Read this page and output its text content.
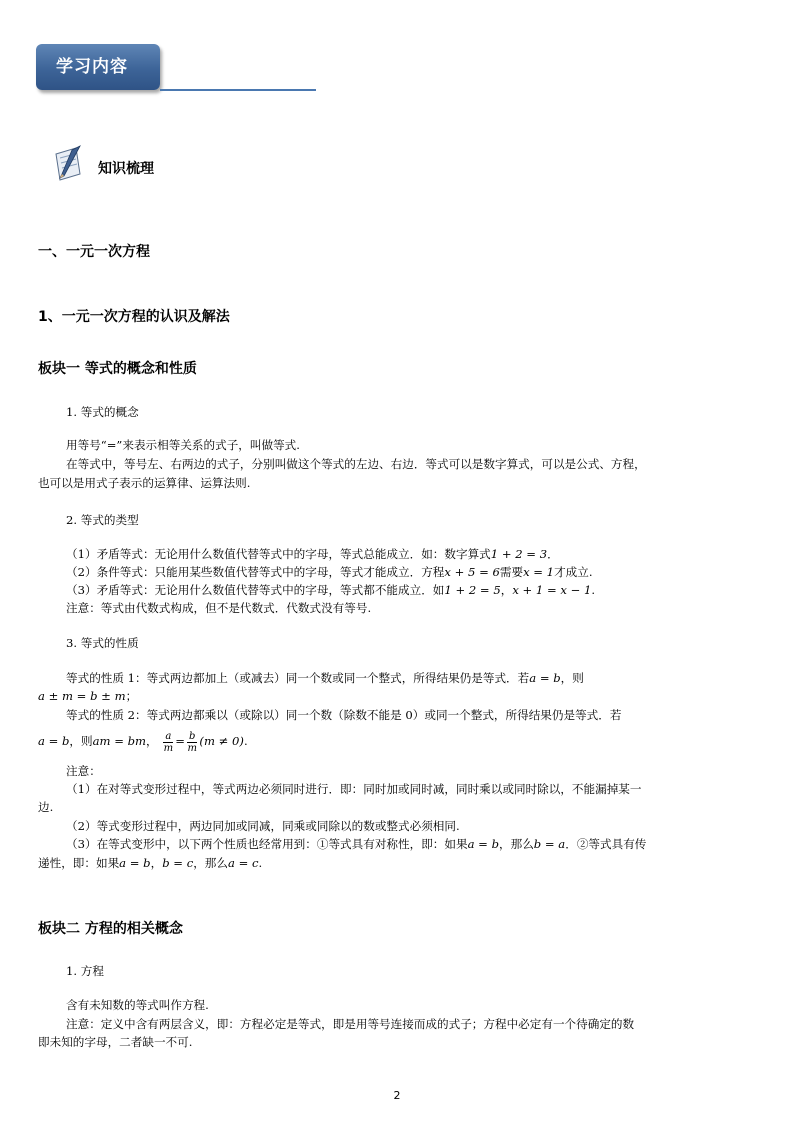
学习内容
知识梳理
一、一元一次方程
1、一元一次方程的认识及解法
板块一 等式的概念和性质
1. 等式的概念
用等号“=”来表示相等关系的式子，叫做等式.
在等式中，等号左、右两边的式子，分别叫做这个等式的左边、右边．等式可以是数字算式，可以是公式、方程，
也可以是用式子表示的运算律、运算法则.
2. 等式的类型
（1）矛盾等式：无论用什么数值代替等式中的字母，等式总能成立．如：数字算式1 + 2 = 3．
（2）条件等式：只能用某些数值代替等式中的字母，等式才能成立．方程x + 5 = 6需要x = 1才成立.
（3）矛盾等式：无论用什么数值代替等式中的字母，等式都不能成立．如1 + 2 = 5，x + 1 = x − 1.
注意：等式由代数式构成，但不是代数式．代数式没有等号.
3. 等式的性质
等式的性质 1：等式两边都加上（或减去）同一个数或同一个整式，所得结果仍是等式．若a = b，则
a ± m = b ± m；
等式的性质 2：等式两边都乘以（或除以）同一个数（除数不能是 0）或同一个整式，所得结果仍是等式．若
a = b，则am = bm， $\frac{a}{m} = \frac{b}{m} (m \ne 0)$.
注意：
（1）在对等式变形过程中，等式两边必须同时进行．即：同时加或同时减，同时乘以或同时除以，不能漏掉某一
边.
（2）等式变形过程中，两边同加或同减，同乘或同除以的数或整式必须相同.
（3）在等式变形中，以下两个性质也经常用到：①等式具有对称性，即：如果a = b，那么b = a．②等式具有传
递性，即：如果a = b，b = c，那么a = c.
板块二 方程的相关概念
1. 方程
含有未知数的等式叫作方程.
注意：定义中含有两层含义，即：方程必定是等式，即是用等号连接而成的式子；方程中必定有一个待确定的数
即未知的字母，二者缺一不可.
2
